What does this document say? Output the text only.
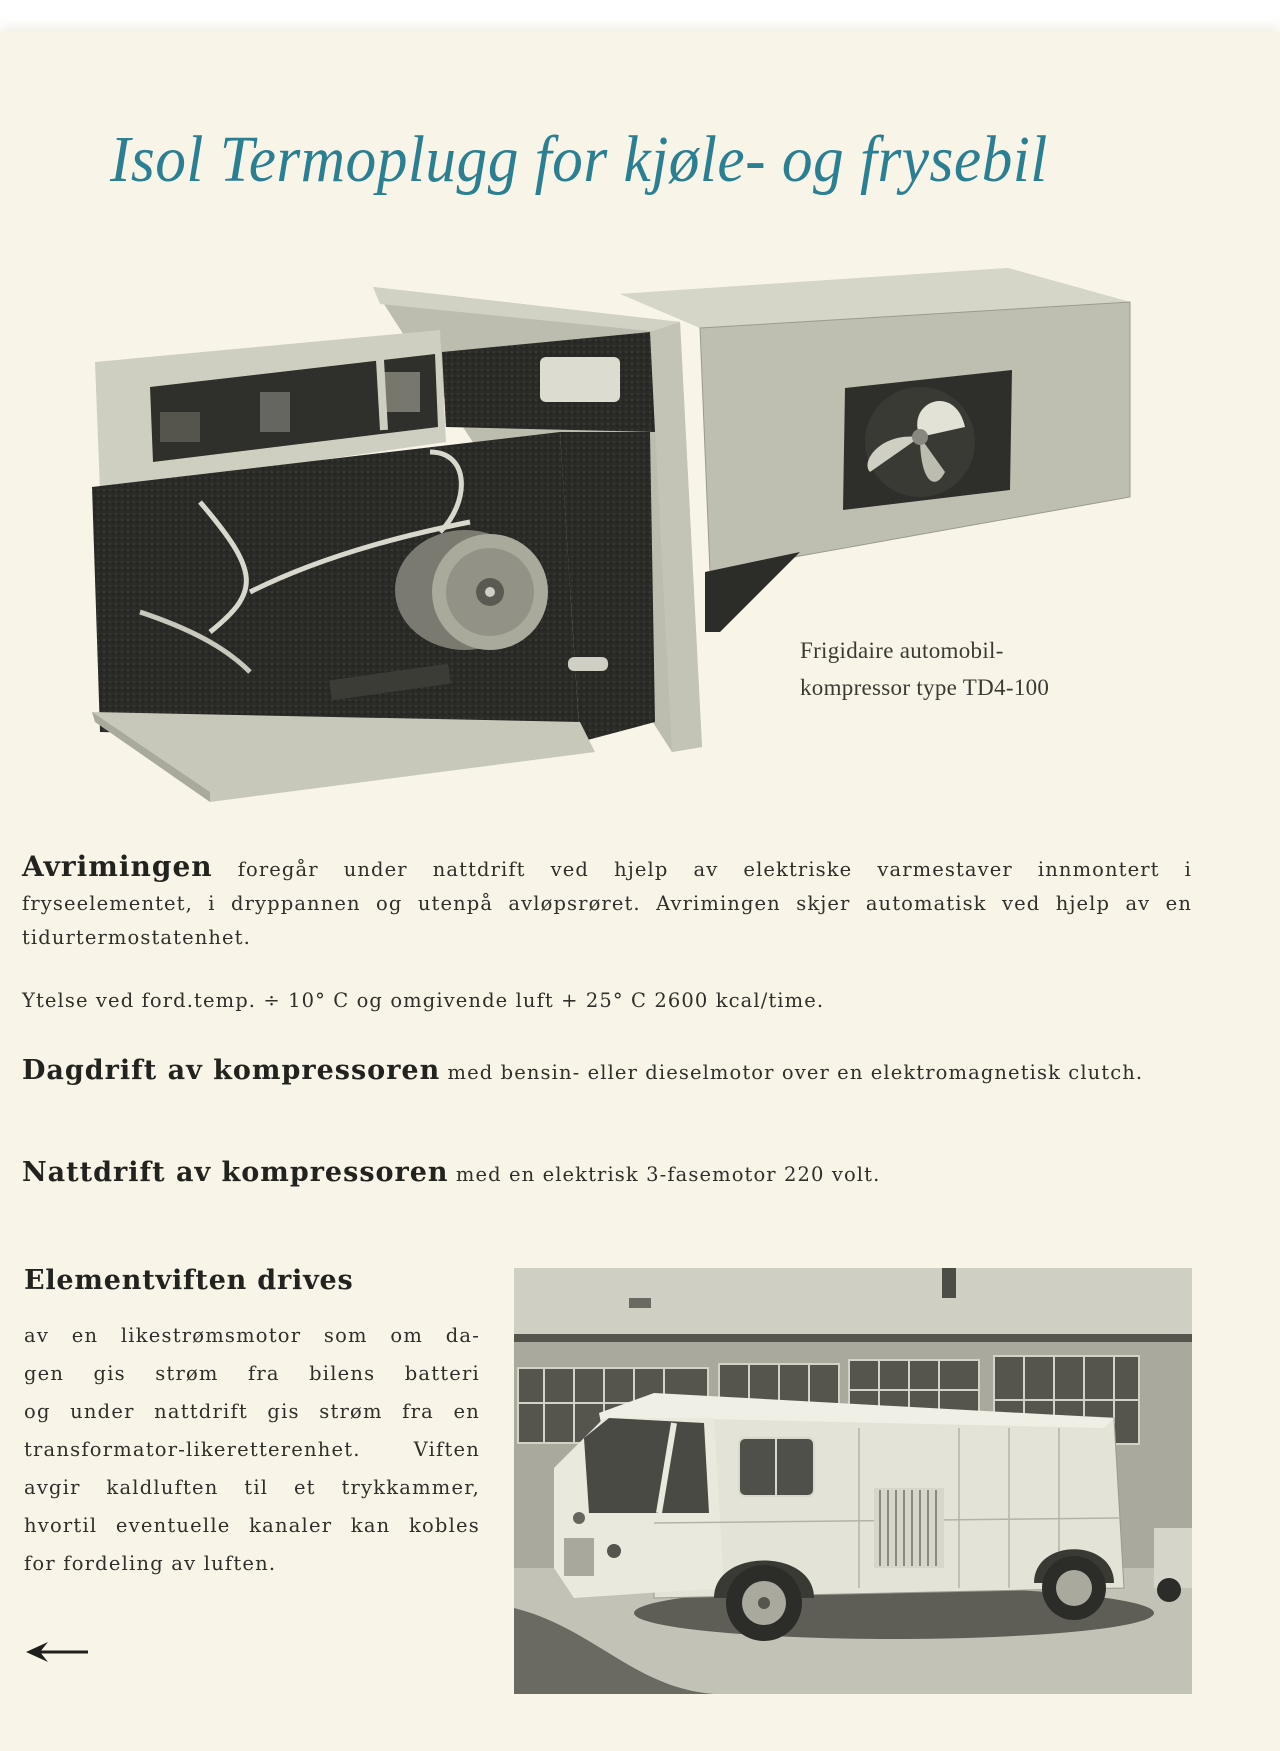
Isol Termoplugg for kjøle- og frysebil
Frigidaire automobil-
kompressor type TD4-100
Avrimingen foregår under nattdrift ved hjelp av elektriske varmestaver innmontert i fryseelementet, i dryppannen og utenpå avløpsrøret. Avrimingen skjer automatisk ved hjelp av en tidurtermostatenhet.
Ytelse ved ford.temp. ÷ 10° C og omgivende luft + 25° C 2600 kcal/time.
Dagdrift av kompressoren med bensin- eller dieselmotor over en elektromagnetisk clutch.
Nattdrift av kompressoren med en elektrisk 3-fasemotor 220 volt.
Elementviften drives
av en likestrømsmotor som om da-
gen gis strøm fra bilens batteri
og under nattdrift gis strøm fra en
transformator-likeretterenhet. Viften
avgir kaldluften til et trykkammer,
hvortil eventuelle kanaler kan kobles
for fordeling av luften.
